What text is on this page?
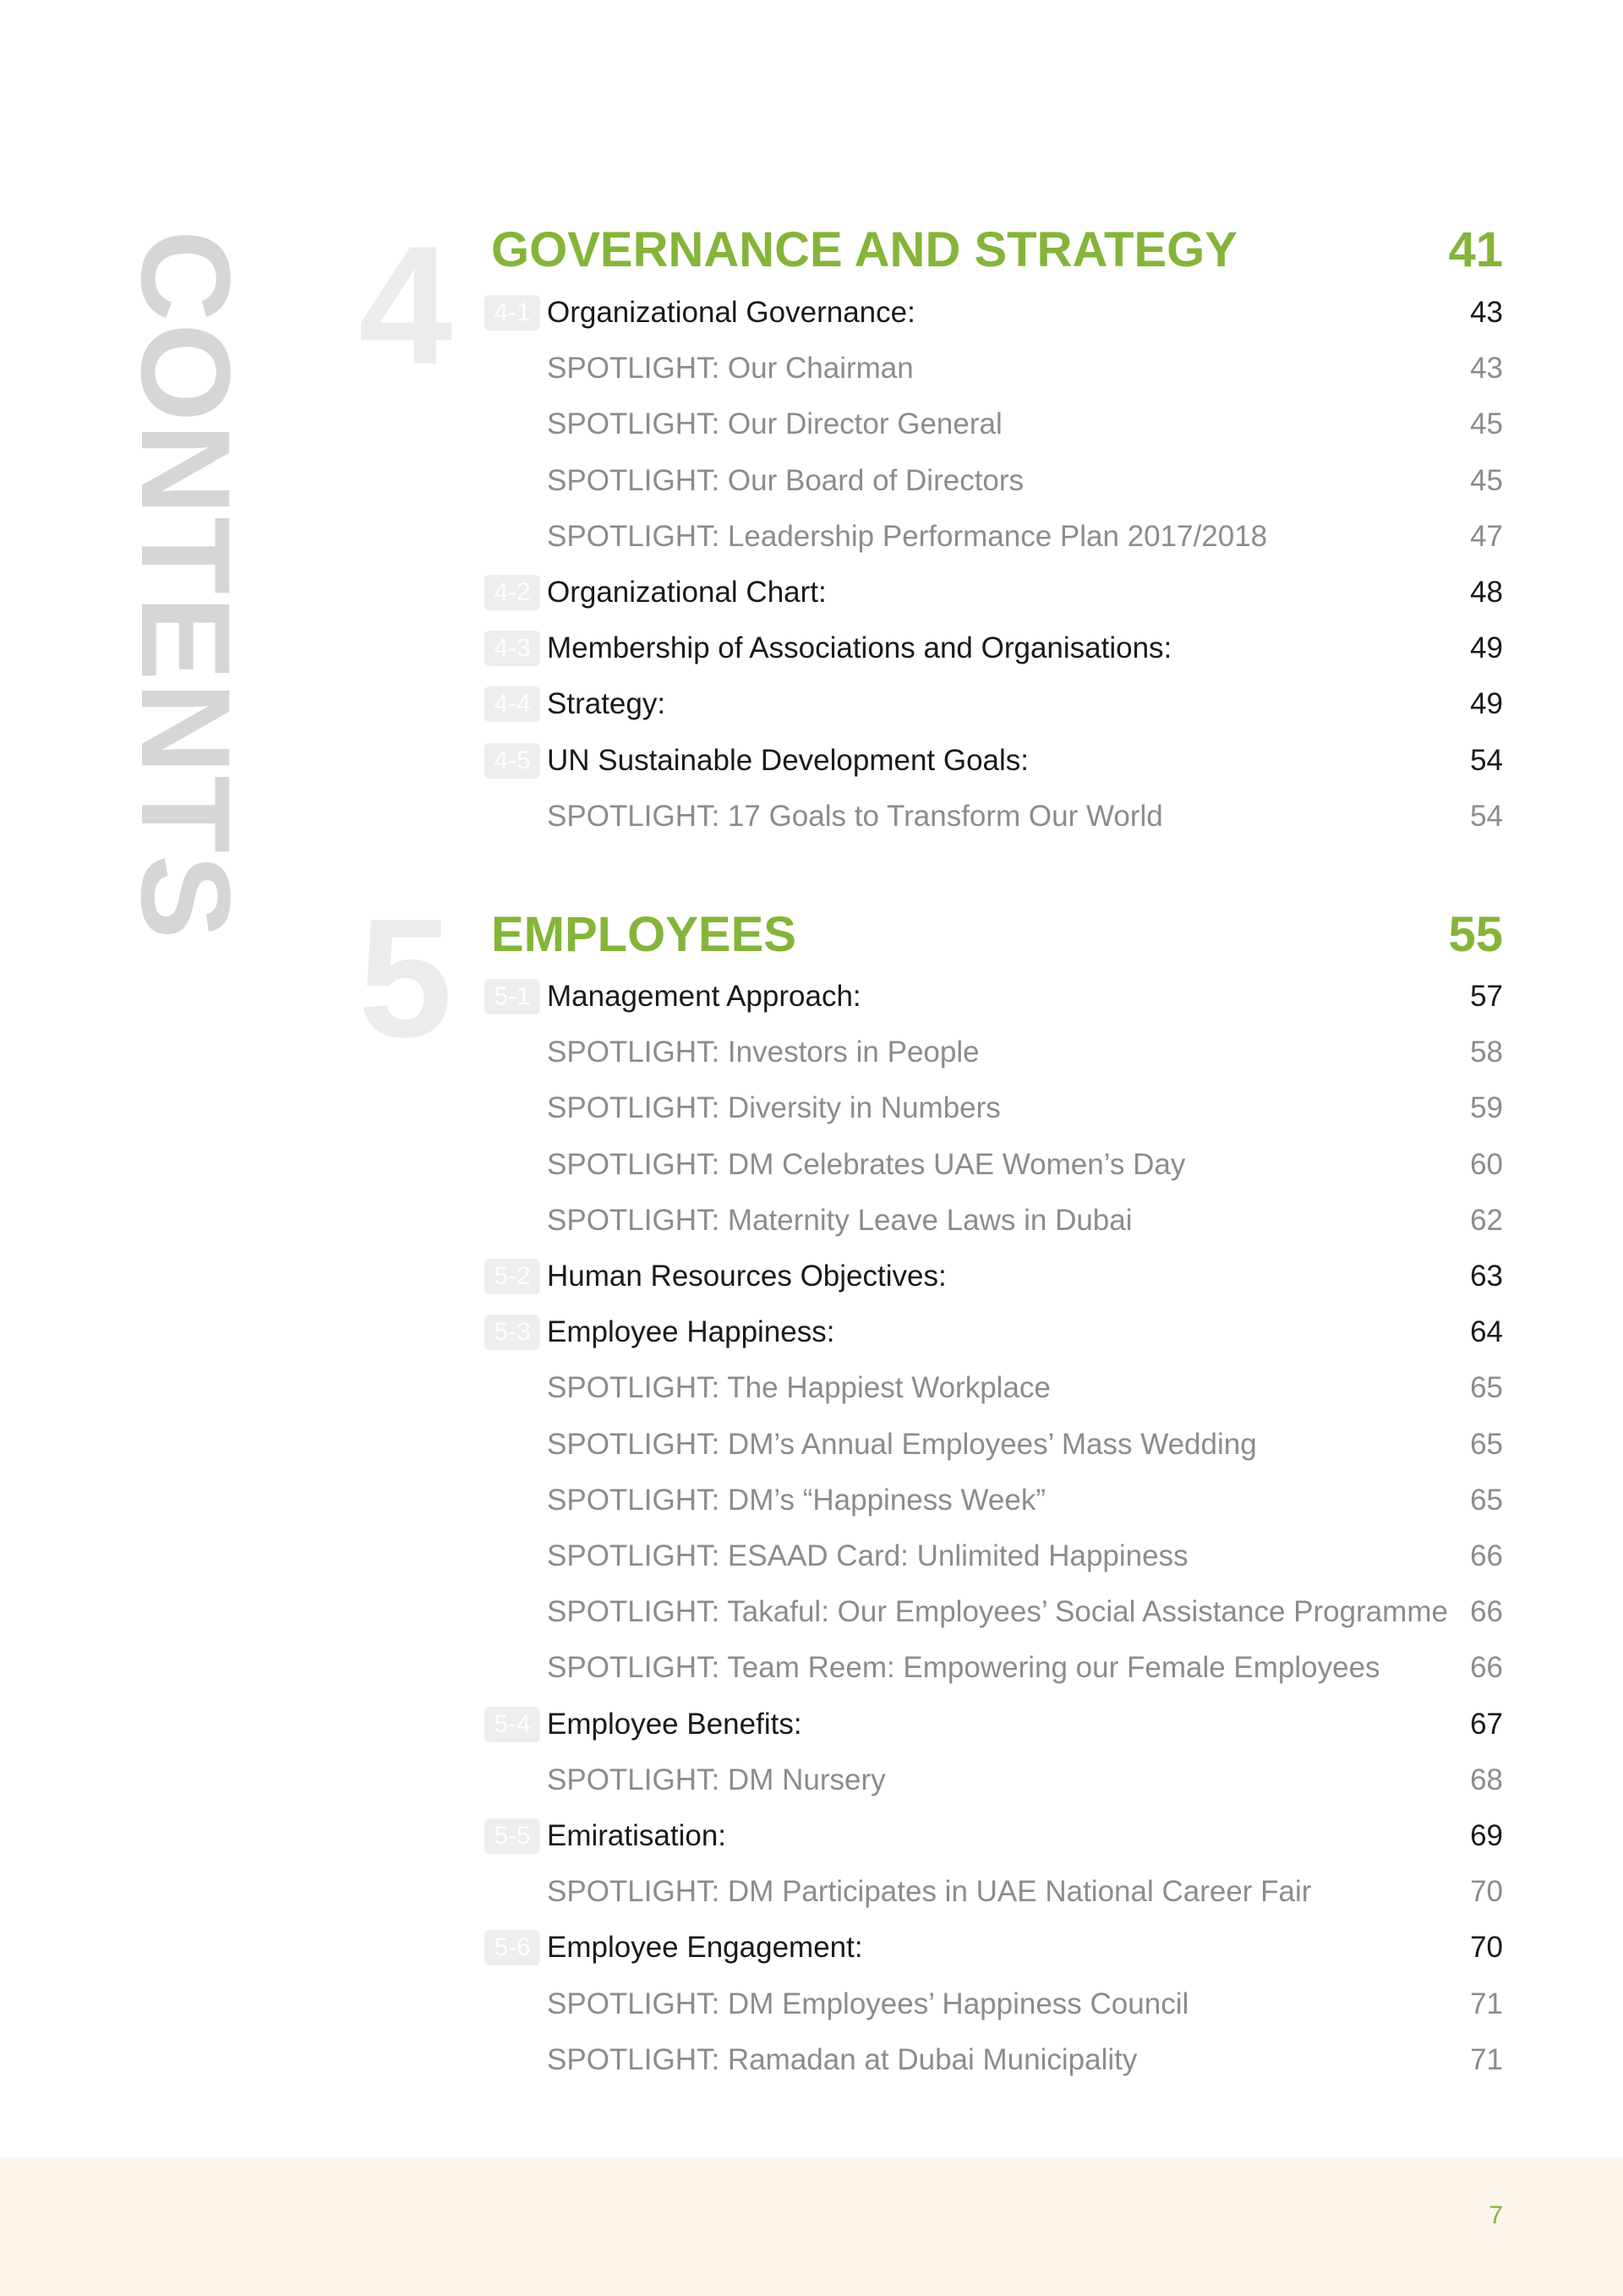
CONTENTS 4 GOVERNANCE AND STRATEGY	41
4-1 Organizational Governance:	43
SPOTLIGHT: Our Chairman	43
SPOTLIGHT: Our Director General	45
SPOTLIGHT: Our Board of Directors	45
SPOTLIGHT: Leadership Performance Plan 2017/2018	47
4-2 Organizational Chart:	48
4-3 Membership of Associations and Organisations:	49
4-4 Strategy:	49
4-5 UN Sustainable Development Goals:	54
SPOTLIGHT: 17 Goals to Transform Our World	54
5 EMPLOYEES	55
5-1 Management Approach:	57
SPOTLIGHT: Investors in People	58
SPOTLIGHT: Diversity in Numbers	59
SPOTLIGHT: DM Celebrates UAE Women’s Day	60
SPOTLIGHT: Maternity Leave Laws in Dubai	62
5-2 Human Resources Objectives:	63
5-3 Employee Happiness:	64
SPOTLIGHT: The Happiest Workplace	65
SPOTLIGHT: DM’s Annual Employees’ Mass Wedding	65
SPOTLIGHT: DM’s “Happiness Week”	65
SPOTLIGHT: ESAAD Card: Unlimited Happiness	66
SPOTLIGHT: Takaful: Our Employees’ Social Assistance Programme 66
SPOTLIGHT: Team Reem: Empowering our Female Employees	66
5-4 Employee Benefits:	67
SPOTLIGHT: DM Nursery	68
5-5 Emiratisation:	69
SPOTLIGHT: DM Participates in UAE National Career Fair	70
5-6 Employee Engagement:	70
SPOTLIGHT: DM Employees’ Happiness Council	71
SPOTLIGHT: Ramadan at Dubai Municipality	71
7
